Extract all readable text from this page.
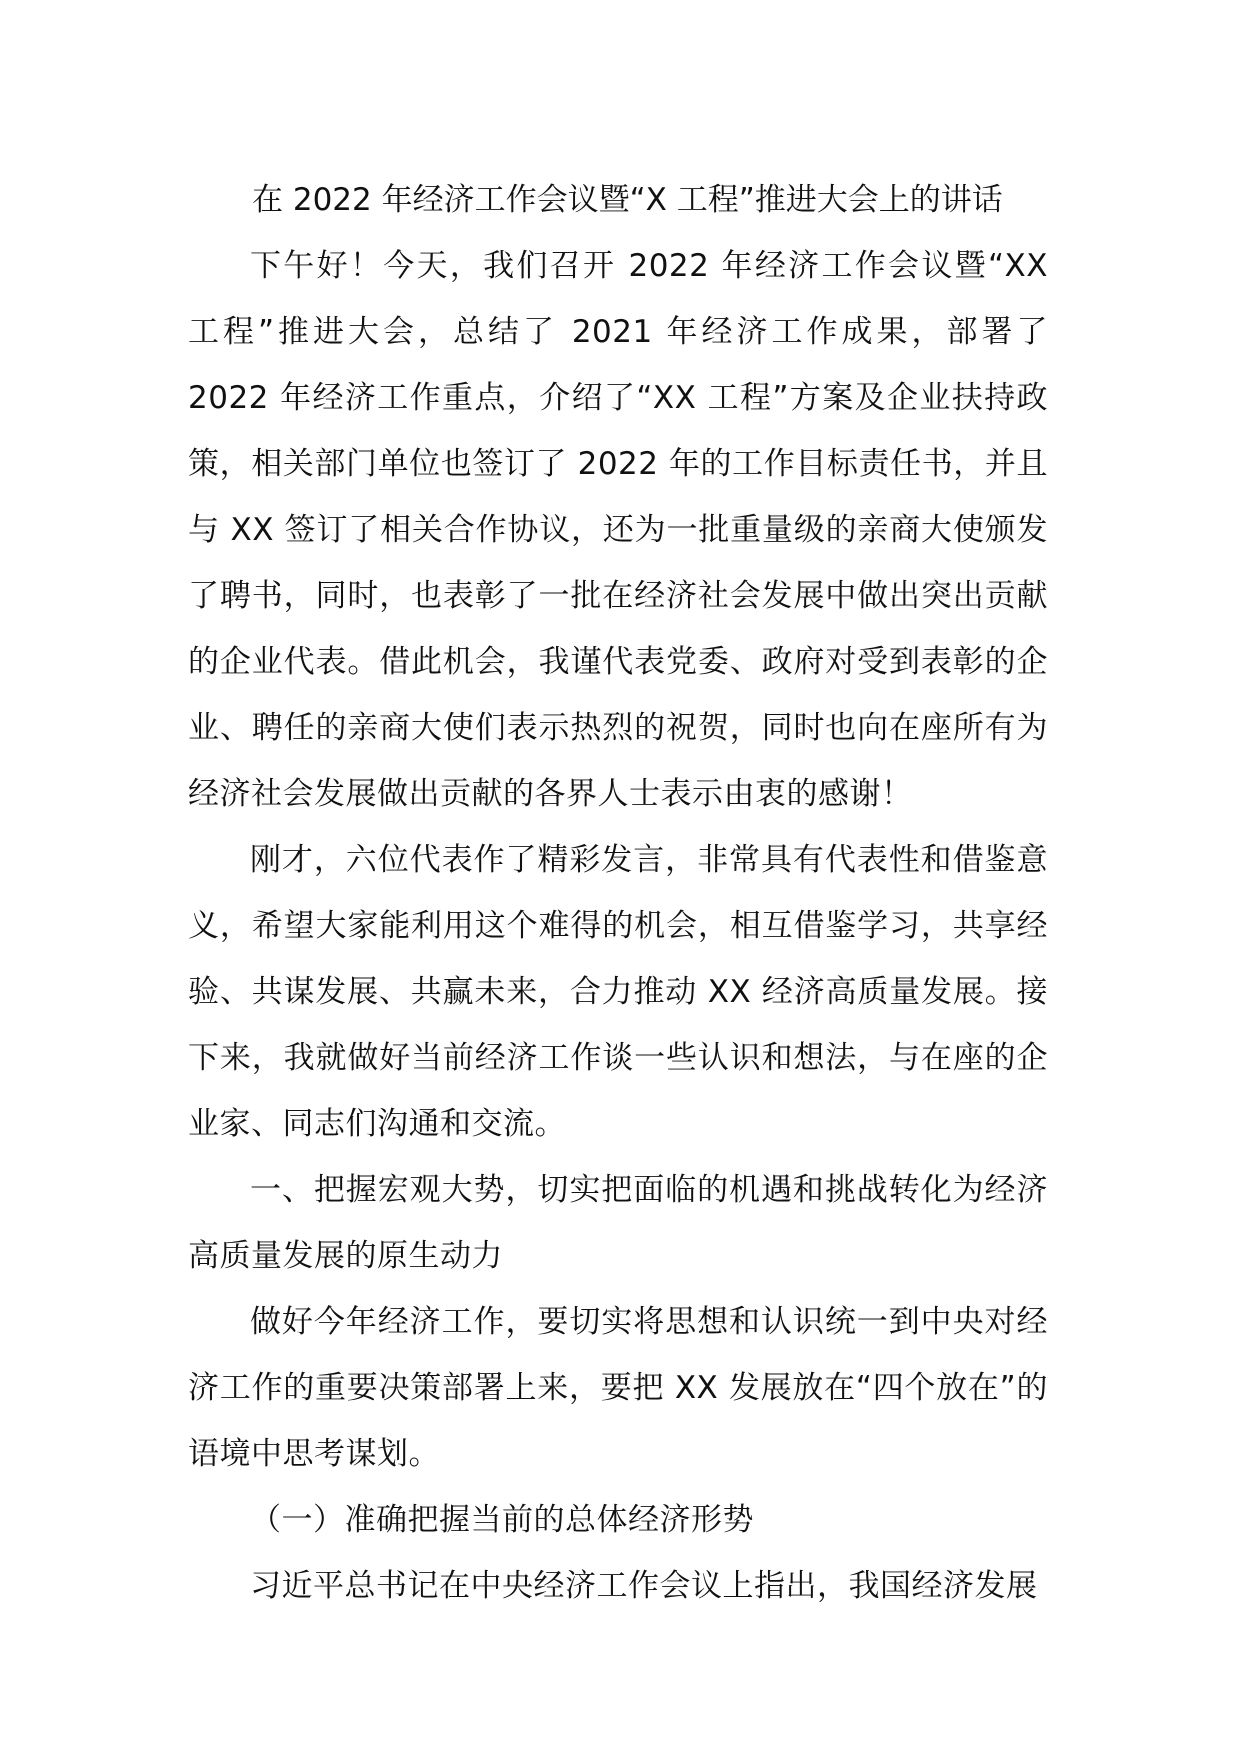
在 2022 年经济工作会议暨“X 工程”推进大会上的讲话

下午好！今天，我们召开 2022 年经济工作会议暨“XX 工程”推进大会，总结了 2021 年经济工作成果，部署了 2022 年经济工作重点，介绍了“XX 工程”方案及企业扶持政策，相关部门单位也签订了 2022 年的工作目标责任书，并且与 XX 签订了相关合作协议，还为一批重量级的亲商大使颁发了聘书，同时，也表彰了一批在经济社会发展中做出突出贡献的企业代表。借此机会，我谨代表党委、政府对受到表彰的企业、聘任的亲商大使们表示热烈的祝贺，同时也向在座所有为经济社会发展做出贡献的各界人士表示由衷的感谢！

刚才，六位代表作了精彩发言，非常具有代表性和借鉴意义，希望大家能利用这个难得的机会，相互借鉴学习，共享经验、共谋发展、共赢未来，合力推动 XX 经济高质量发展。接下来，我就做好当前经济工作谈一些认识和想法，与在座的企业家、同志们沟通和交流。

一、把握宏观大势，切实把面临的机遇和挑战转化为经济高质量发展的原生动力

做好今年经济工作，要切实将思想和认识统一到中央对经济工作的重要决策部署上来，要把 XX 发展放在“四个放在”的语境中思考谋划。

（一）准确把握当前的总体经济形势

习近平总书记在中央经济工作会议上指出，我国经济发展
